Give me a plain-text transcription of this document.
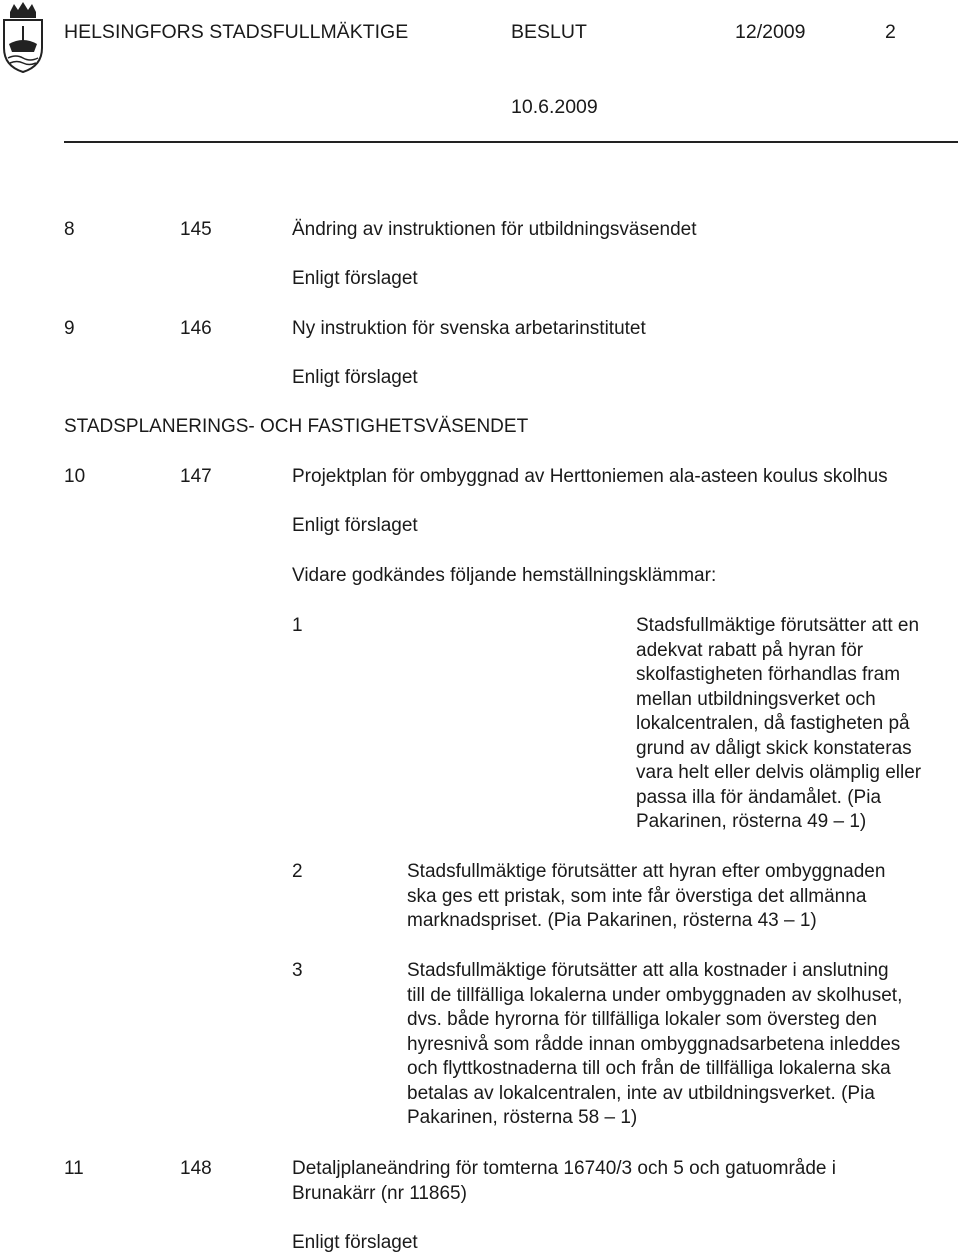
HELSINGFORS STADSFULLMÄKTIGE	BESLUT	12/2009	2
10.6.2009
8	145	Ändring av instruktionen för utbildningsväsendet
Enligt förslaget
9	146	Ny instruktion för svenska arbetarinstitutet
Enligt förslaget
STADSPLANERINGS- OCH FASTIGHETSVÄSENDET
10	147	Projektplan för ombyggnad av Herttoniemen ala-asteen koulus skolhus
Enligt förslaget
Vidare godkändes följande hemställningsklämmar:
1	Stadsfullmäktige förutsätter att en
adekvat rabatt på hyran för
skolfastigheten förhandlas fram
mellan utbildningsverket och
lokalcentralen, då fastigheten på
grund av dåligt skick konstateras
vara helt eller delvis olämplig eller
passa illa för ändamålet. (Pia
Pakarinen, rösterna 49 – 1)
2	Stadsfullmäktige förutsätter att hyran efter ombyggnaden
ska ges ett pristak, som inte får överstiga det allmänna
marknadspriset. (Pia Pakarinen, rösterna 43 – 1)
3	Stadsfullmäktige förutsätter att alla kostnader i anslutning
till de tillfälliga lokalerna under ombyggnaden av skolhuset,
dvs. både hyrorna för tillfälliga lokaler som översteg den
hyresnivå som rådde innan ombyggnadsarbetena inleddes
och flyttkostnaderna till och från de tillfälliga lokalerna ska
betalas av lokalcentralen, inte av utbildningsverket. (Pia
Pakarinen, rösterna 58 – 1)
11	148	Detaljplaneändring för tomterna 16740/3 och 5 och gatuområde i
Brunakärr (nr 11865)
Enligt förslaget
